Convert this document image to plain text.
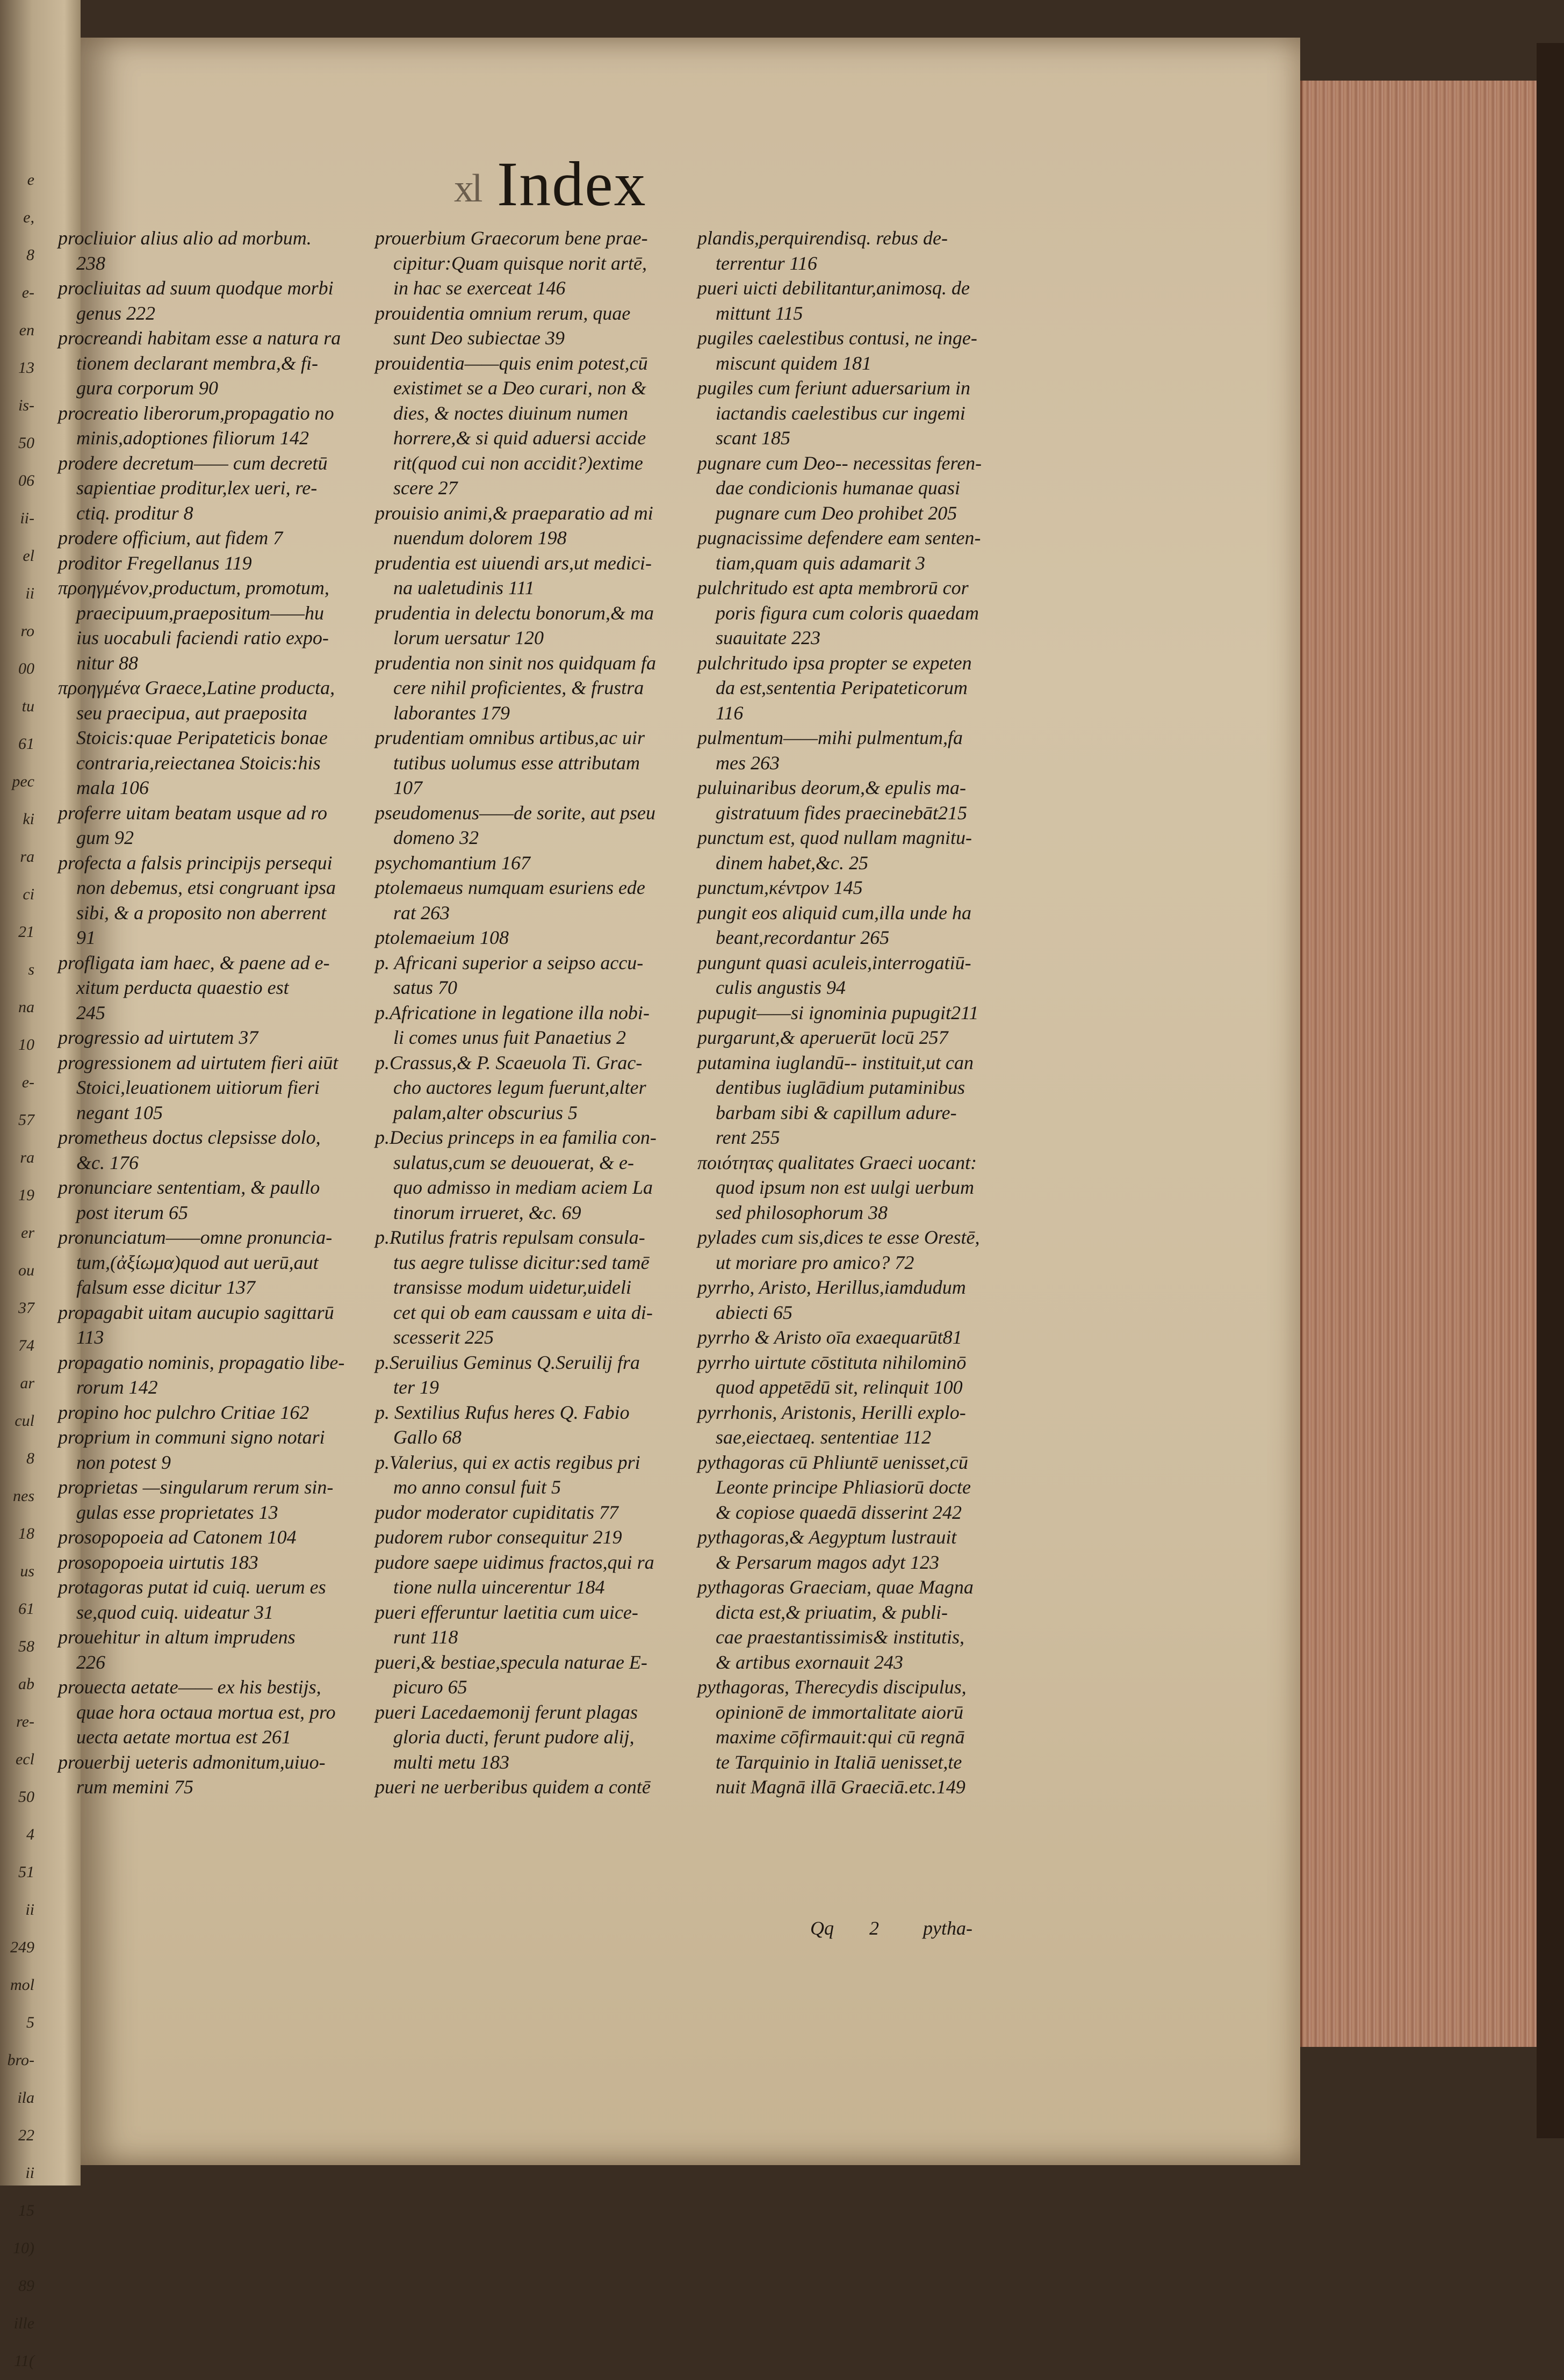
e
e,
8
e-
en
13
is-
50
06
ii-
el
ii
ro
00
tu
61
pec
ki
ra
ci
21
s
na
10
e-
57
ra
19
er
ou
37
74
ar
cul
8
nes
18
us
61
58
ab
re-
ecl
50
4
51
ii
249
mol
5
bro-
ila
22
ii
15
10)
89
ille
11(
xl Index
procliuior alius alio ad morbum.
238
procliuitas ad suum quodque morbi
genus 222
procreandi habitam esse a natura ra
tionem declarant membra,& fi-
gura corporum 90
procreatio liberorum,propagatio no
minis,adoptiones filiorum 142
prodere decretum—— cum decretū
sapientiae proditur,lex ueri, re-
ctiq. proditur 8
prodere officium, aut fidem 7
proditor Fregellanus 119
προηγμένον,productum, promotum,
praecipuum,praepositum——hu
ius uocabuli faciendi ratio expo-
nitur 88
προηγμένα Graece,Latine producta,
seu praecipua, aut praeposita
Stoicis:quae Peripateticis bonae
contraria,reiectanea Stoicis:his
mala 106
proferre uitam beatam usque ad ro
gum 92
profecta a falsis principijs persequi
non debemus, etsi congruant ipsa
sibi, & a proposito non aberrent
91
profligata iam haec, & paene ad e-
xitum perducta quaestio est
245
progressio ad uirtutem 37
progressionem ad uirtutem fieri aiūt
Stoici,leuationem uitiorum fieri
negant 105
prometheus doctus clepsisse dolo,
&c. 176
pronunciare sententiam, & paullo
post iterum 65
pronunciatum——omne pronuncia-
tum,(ἀξίωμα)quod aut uerū,aut
falsum esse dicitur 137
propagabit uitam aucupio sagittarū
113
propagatio nominis, propagatio libe-
rorum 142
propino hoc pulchro Critiae 162
proprium in communi signo notari
non potest 9
proprietas —singularum rerum sin-
gulas esse proprietates 13
prosopopoeia ad Catonem 104
prosopopoeia uirtutis 183
protagoras putat id cuiq. uerum es
se,quod cuiq. uideatur 31
prouehitur in altum imprudens
226
prouecta aetate—— ex his bestijs,
quae hora octaua mortua est, pro
uecta aetate mortua est 261
prouerbij ueteris admonitum,uiuo-
rum memini 75
prouerbium Graecorum bene prae-
cipitur:Quam quisque norit artē,
in hac se exerceat 146
prouidentia omnium rerum, quae
sunt Deo subiectae 39
prouidentia——quis enim potest,cū
existimet se a Deo curari, non &
dies, & noctes diuinum numen
horrere,& si quid aduersi accide
rit(quod cui non accidit?)extime
scere 27
prouisio animi,& praeparatio ad mi
nuendum dolorem 198
prudentia est uiuendi ars,ut medici-
na ualetudinis 111
prudentia in delectu bonorum,& ma
lorum uersatur 120
prudentia non sinit nos quidquam fa
cere nihil proficientes, & frustra
laborantes 179
prudentiam omnibus artibus,ac uir
tutibus uolumus esse attributam
107
pseudomenus——de sorite, aut pseu
domeno 32
psychomantium 167
ptolemaeus numquam esuriens ede
rat 263
ptolemaeium 108
p. Africani superior a seipso accu-
satus 70
p.Africatione in legatione illa nobi-
li comes unus fuit Panaetius 2
p.Crassus,& P. Scaeuola Ti. Grac-
cho auctores legum fuerunt,alter
palam,alter obscurius 5
p.Decius princeps in ea familia con-
sulatus,cum se deuouerat, & e-
quo admisso in mediam aciem La
tinorum irrueret, &c. 69
p.Rutilus fratris repulsam consula-
tus aegre tulisse dicitur:sed tamē
transisse modum uidetur,uideli
cet qui ob eam caussam e uita di-
scesserit 225
p.Seruilius Geminus Q.Seruilij fra
ter 19
p. Sextilius Rufus heres Q. Fabio
Gallo 68
p.Valerius, qui ex actis regibus pri
mo anno consul fuit 5
pudor moderator cupiditatis 77
pudorem rubor consequitur 219
pudore saepe uidimus fractos,qui ra
tione nulla uincerentur 184
pueri efferuntur laetitia cum uice-
runt 118
pueri,& bestiae,specula naturae E-
picuro 65
pueri Lacedaemonij ferunt plagas
gloria ducti, ferunt pudore alij,
multi metu 183
pueri ne uerberibus quidem a contē
plandis,perquirendisq. rebus de-
terrentur 116
pueri uicti debilitantur,animosq. de
mittunt 115
pugiles caelestibus contusi, ne inge-
miscunt quidem 181
pugiles cum feriunt aduersarium in
iactandis caelestibus cur ingemi
scant 185
pugnare cum Deo-- necessitas feren-
dae condicionis humanae quasi
pugnare cum Deo prohibet 205
pugnacissime defendere eam senten-
tiam,quam quis adamarit 3
pulchritudo est apta membrorū cor
poris figura cum coloris quaedam
suauitate 223
pulchritudo ipsa propter se expeten
da est,sententia Peripateticorum
116
pulmentum——mihi pulmentum,fa
mes 263
puluinaribus deorum,& epulis ma-
gistratuum fides praecinebāt215
punctum est, quod nullam magnitu-
dinem habet,&c. 25
punctum,κέντρον 145
pungit eos aliquid cum,illa unde ha
beant,recordantur 265
pungunt quasi aculeis,interrogatiū-
culis angustis 94
pupugit——si ignominia pupugit211
purgarunt,& aperuerūt locū 257
putamina iuglandū-- instituit,ut can
dentibus iuglādium putaminibus
barbam sibi & capillum adure-
rent 255
ποιότητας qualitates Graeci uocant:
quod ipsum non est uulgi uerbum
sed philosophorum 38
pylades cum sis,dices te esse Orestē,
ut moriare pro amico? 72
pyrrho, Aristo, Herillus,iamdudum
abiecti 65
pyrrho & Aristo oīa exaequarūt81
pyrrho uirtute cōstituta nihilominō
quod appetēdū sit, relinquit 100
pyrrhonis, Aristonis, Herilli explo-
sae,eiectaeq. sententiae 112
pythagoras cū Phliuntē uenisset,cū
Leonte principe Phliasiorū docte
& copiose quaedā disserint 242
pythagoras,& Aegyptum lustrauit
& Persarum magos adyt 123
pythagoras Graeciam, quae Magna
dicta est,& priuatim, & publi-
cae praestantissimis& institutis,
& artibus exornauit 243
pythagoras, Therecydis discipulus,
opinionē de immortalitate aiorū
maxime cōfirmauit:qui cū regnā
te Tarquinio in Italiā uenisset,te
nuit Magnā illā Graeciā.etc.149
Qq 2 pytha-
